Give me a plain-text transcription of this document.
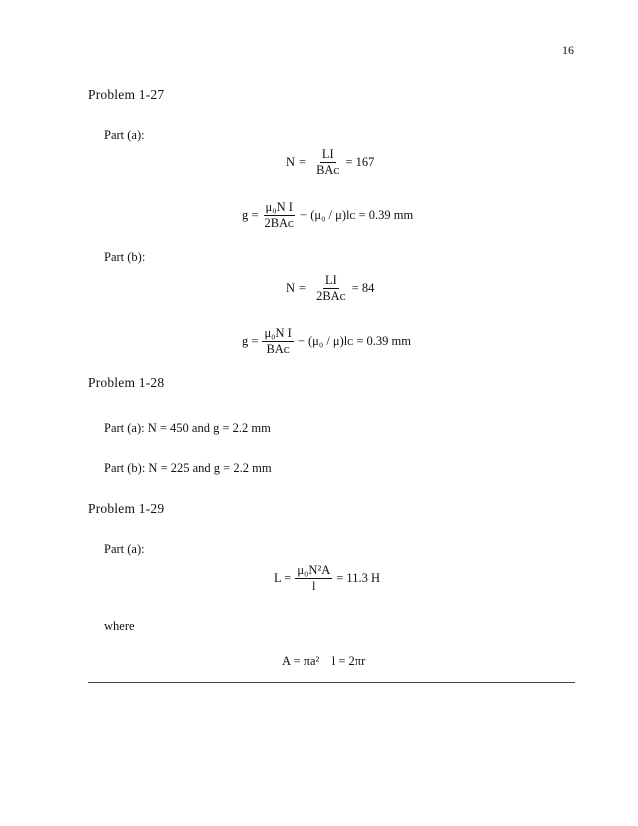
16
Problem 1-27
Part (a):
$N = \frac{LI}{\text{BAᴄ}} = 167$
$g = \frac{\text{μ₀N I}}{\text{2BAᴄ}} - (\mu_0$ / μ)lᴄ = 0.39 mm
Part (b):
$N = \frac{LI}{\text{2BAᴄ}} = 84$
$g = \frac{\text{μ₀N I}}{\text{BAᴄ}} - (\mu_0$ / μ)lᴄ = 0.39 mm
Problem 1-28
Part (a): N = 450 and g = 2.2 mm
Part (b): N = 225 and g = 2.2 mm
Problem 1-29
Part (a):
$L = \frac{\text{μ₀N²A}}{l} = 11.3$ H
where
A = πa²    l = 2πr
